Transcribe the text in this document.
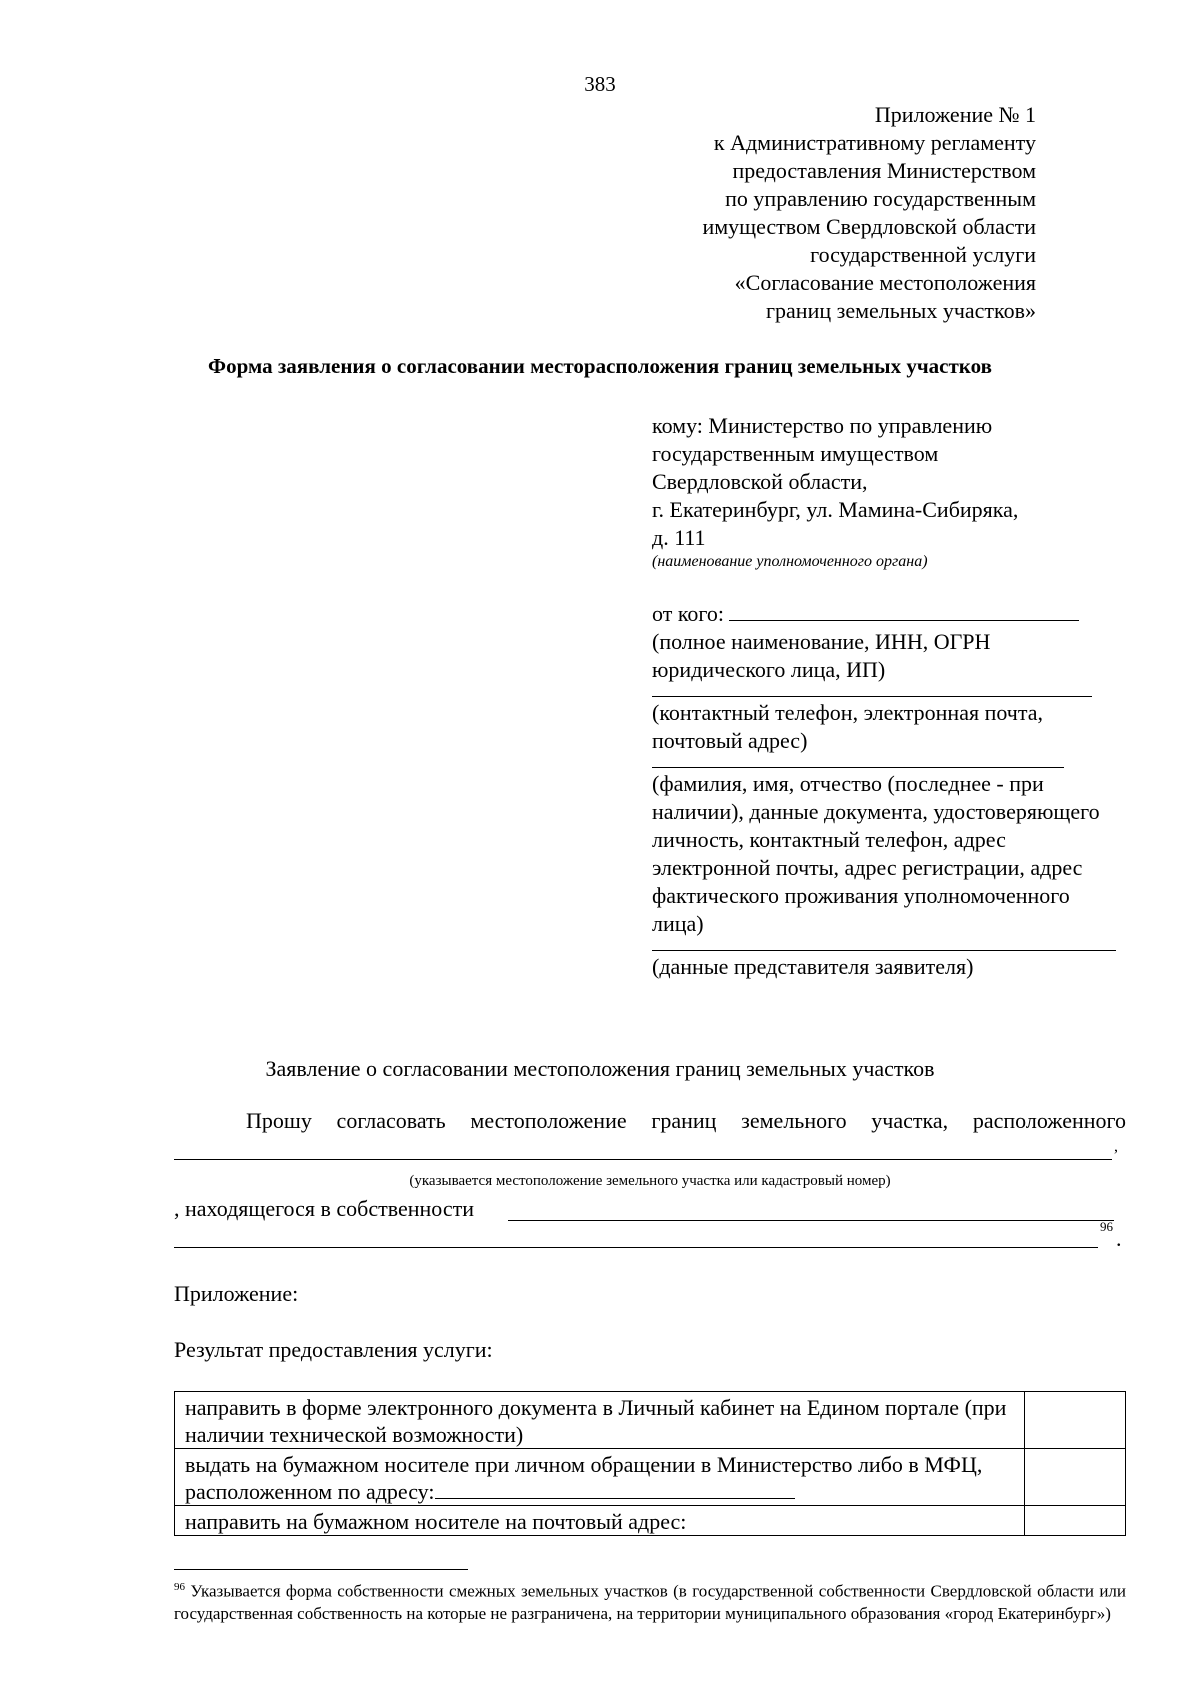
383
Приложение № 1
к Административному регламенту
предоставления Министерством
по управлению государственным
имуществом Свердловской области
государственной услуги
«Согласование местоположения
границ земельных участков»
Форма заявления о согласовании месторасположения границ земельных участков
кому: Министерство по управлению
государственным имуществом
Свердловской области,
г. Екатеринбург, ул. Мамина-Сибиряка,
д. 111
(наименование уполномоченного органа)
от кого:
(полное наименование, ИНН, ОГРН юридического лица, ИП)
(контактный телефон, электронная почта, почтовый адрес)
(фамилия, имя, отчество (последнее - при наличии), данные документа, удостоверяющего личность, контактный телефон, адрес электронной почты, адрес регистрации, адрес фактического проживания уполномоченного лица)
(данные представителя заявителя)
Заявление о согласовании местоположения границ земельных участков
Прошу согласовать местоположение границ земельного участка, расположенного
,
(указывается местоположение земельного участка или кадастровый номер)
, находящегося в собственности
96 .
Приложение:
Результат предоставления услуги:
направить в форме электронного документа в Личный кабинет на Едином портале (при наличии технической возможности)	
выдать на бумажном носителе при личном обращении в Министерство либо в МФЦ, расположенном по адресу:	
направить на бумажном носителе на почтовый адрес:	
$^{96}$ Указывается форма собственности смежных земельных участков (в государственной собственности Свердловской области или государственная собственность на которые не разграничена, на территории муниципального образования «город Екатеринбург»)
